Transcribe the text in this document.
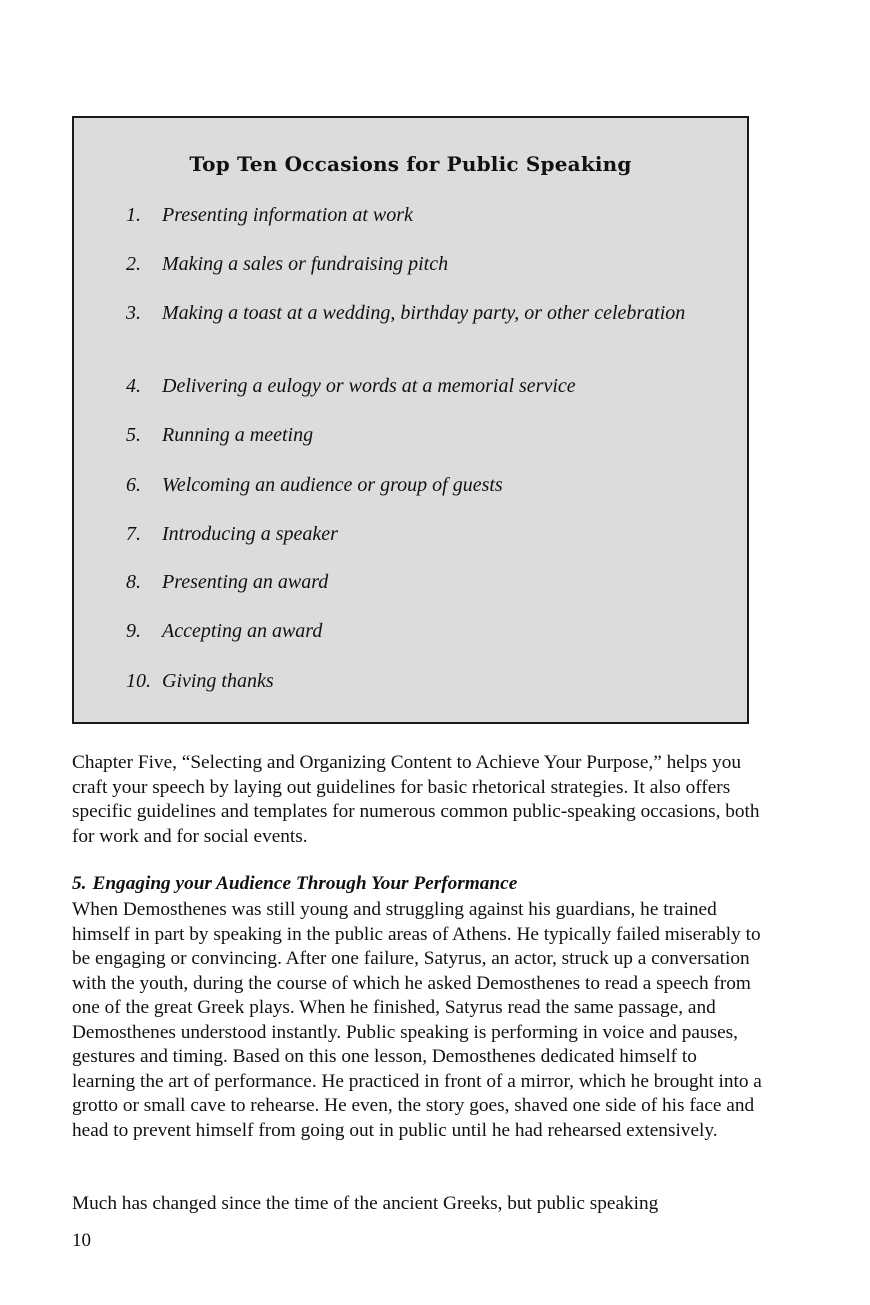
Top Ten Occasions for Public Speaking
1. Presenting information at work
2. Making a sales or fundraising pitch
3. Making a toast at a wedding, birthday party, or other celebration
4. Delivering a eulogy or words at a memorial service
5. Running a meeting
6. Welcoming an audience or group of guests
7. Introducing a speaker
8. Presenting an award
9. Accepting an award
10. Giving thanks

Chapter Five, “Selecting and Organizing Content to Achieve Your Purpose,” helps you craft your speech by laying out guidelines for basic rhetorical strategies. It also offers specific guidelines and templates for numerous common public-speaking occasions, both for work and for social events.

5. Engaging your Audience Through Your Performance

When Demosthenes was still young and struggling against his guardians, he trained himself in part by speaking in the public areas of Athens. He typically failed miserably to be engaging or convincing. After one failure, Satyrus, an actor, struck up a conversation with the youth, during the course of which he asked Demosthenes to read a speech from one of the great Greek plays. When he finished, Satyrus read the same passage, and Demosthenes understood instantly. Public speaking is performing in voice and pauses, gestures and timing. Based on this one lesson, Demosthenes dedicated himself to learning the art of performance. He practiced in front of a mirror, which he brought into a grotto or small cave to rehearse. He even, the story goes, shaved one side of his face and head to prevent himself from going out in public until he had rehearsed extensively.

Much has changed since the time of the ancient Greeks, but public speaking

10
